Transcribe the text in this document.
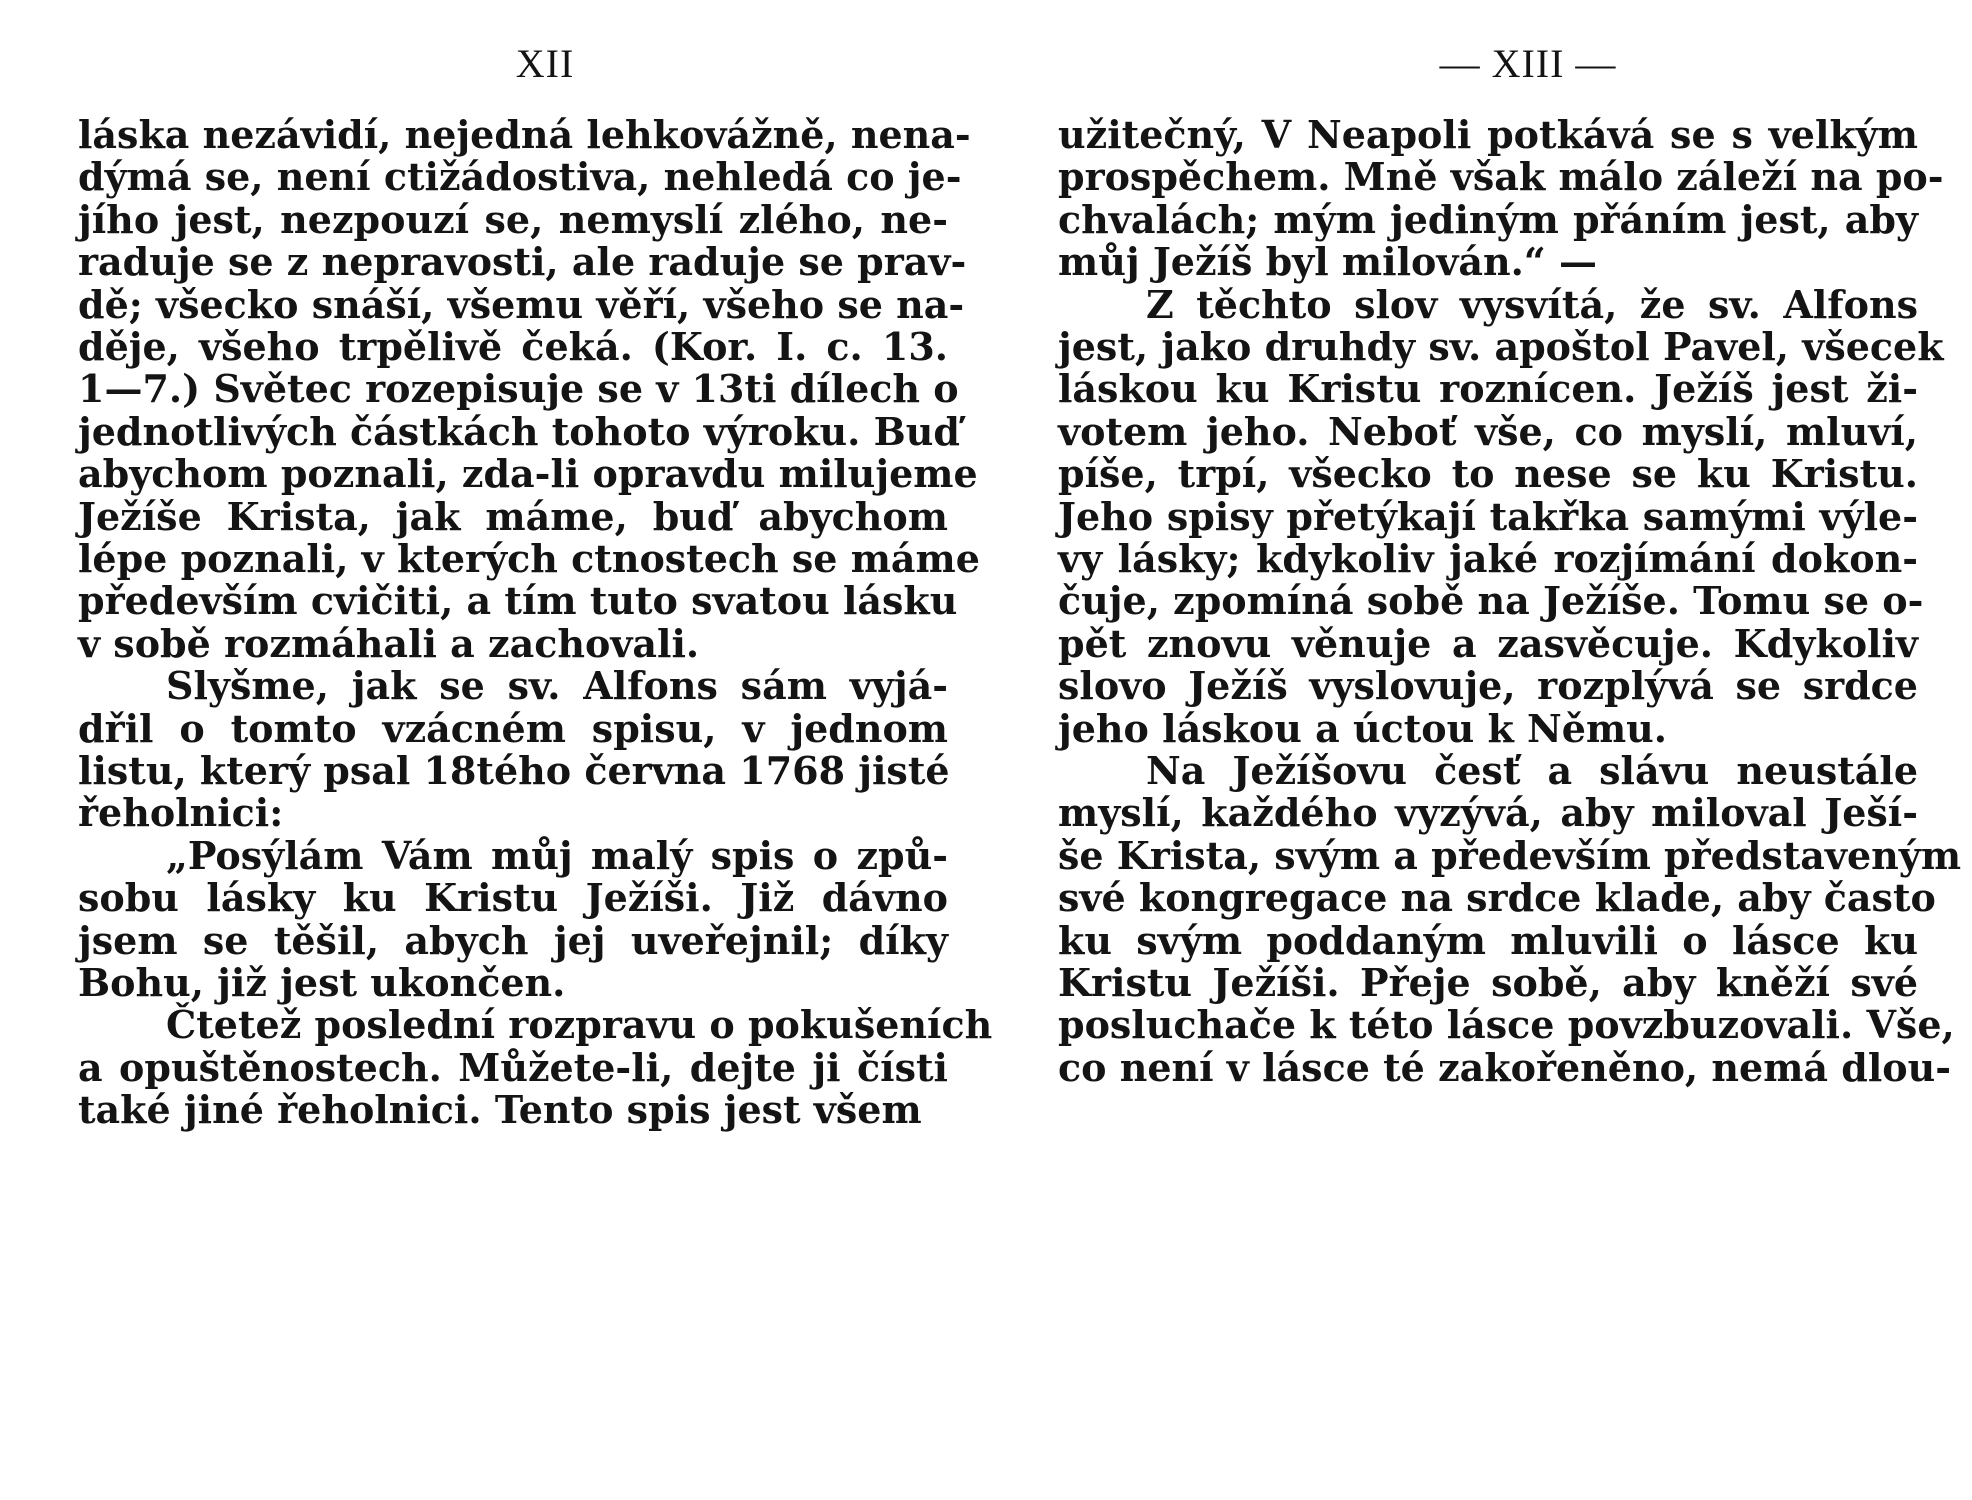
XII
láska nezávidí, nejedná lehkovážně, nena-
dýmá se, není ctižádostiva, nehledá co je-
jího jest, nezpouzí se, nemyslí zlého, ne-
raduje se z nepravosti, ale raduje se prav-
dě; všecko snáší, všemu věří, všeho se na-
děje, všeho trpělivě čeká. (Kor. I. c. 13.
1—7.) Světec rozepisuje se v 13ti dílech o
jednotlivých částkách tohoto výroku. Buď
abychom poznali, zda-li opravdu milujeme
Ježíše Krista, jak máme, buď abychom
lépe poznali, v kterých ctnostech se máme
především cvičiti, a tím tuto svatou lásku
v sobě rozmáhali a zachovali.
Slyšme, jak se sv. Alfons sám vyjá-
dřil o tomto vzácném spisu, v jednom
listu, který psal 18tého června 1768 jisté
řeholnici:
„Posýlám Vám můj malý spis o způ-
sobu lásky ku Kristu Ježíši. Již dávno
jsem se těšil, abych jej uveřejnil; díky
Bohu, již jest ukončen.
Čtetež poslední rozpravu o pokušeních
a opuštěnostech. Můžete-li, dejte ji čísti
také jiné řeholnici. Tento spis jest všem
— XIII —
užitečný, V Neapoli potkává se s velkým
prospěchem. Mně však málo záleží na po-
chvalách; mým jediným přáním jest, aby
můj Ježíš byl milován.“ —
Z těchto slov vysvítá, že sv. Alfons
jest, jako druhdy sv. apoštol Pavel, všecek
láskou ku Kristu roznícen. Ježíš jest ži-
votem jeho. Neboť vše, co myslí, mluví,
píše, trpí, všecko to nese se ku Kristu.
Jeho spisy přetýkají takřka samými výle-
vy lásky; kdykoliv jaké rozjímání dokon-
čuje, zpomíná sobě na Ježíše. Tomu se o-
pět znovu věnuje a zasvěcuje. Kdykoliv
slovo Ježíš vyslovuje, rozplývá se srdce
jeho láskou a úctou k Němu.
Na Ježíšovu česť a slávu neustále
myslí, každého vyzývá, aby miloval Ješí-
še Krista, svým a především představeným
své kongregace na srdce klade, aby často
ku svým poddaným mluvili o lásce ku
Kristu Ježíši. Přeje sobě, aby kněží své
posluchače k této lásce povzbuzovali. Vše,
co není v lásce té zakořeněno, nemá dlou-
